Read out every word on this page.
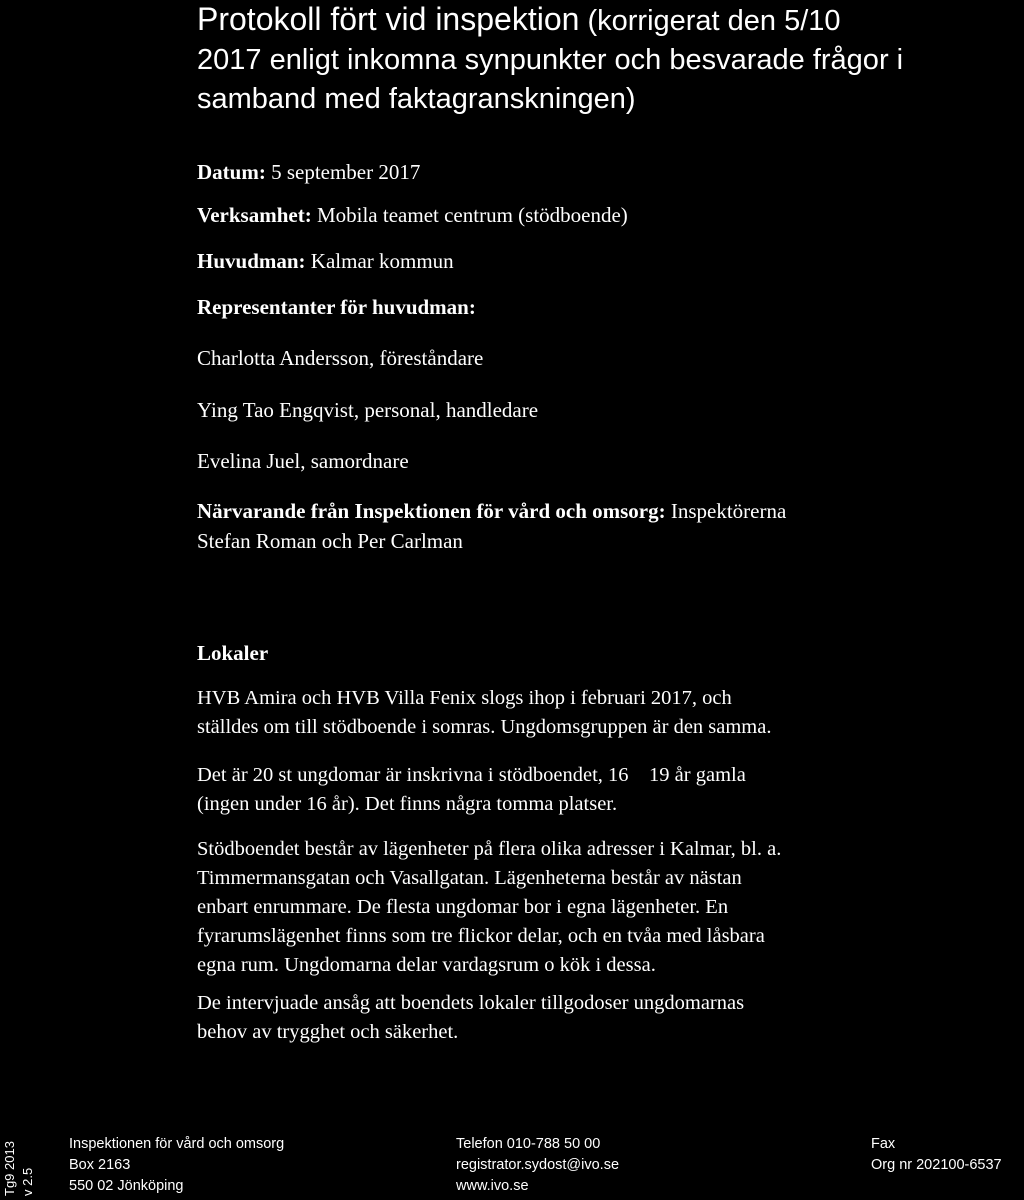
Protokoll fört vid inspektion (korrigerat den 5/10
2017 enligt inkomna synpunkter och besvarade frågor i
samband med faktagranskningen)

Datum: 5 september 2017

Verksamhet: Mobila teamet centrum (stödboende)

Huvudman: Kalmar kommun

Representanter för huvudman:

Charlotta Andersson, föreståndare

Ying Tao Engqvist, personal, handledare

Evelina Juel, samordnare

Närvarande från Inspektionen för vård och omsorg: Inspektörerna
Stefan Roman och Per Carlman

Lokaler

HVB Amira och HVB Villa Fenix slogs ihop i februari 2017, och
ställdes om till stödboende i somras. Ungdomsgruppen är den samma.

Det är 20 st ungdomar är inskrivna i stödboendet, 16    19 år gamla
(ingen under 16 år). Det finns några tomma platser.

Stödboendet består av lägenheter på flera olika adresser i Kalmar, bl. a.
Timmermansgatan och Vasallgatan. Lägenheterna består av nästan
enbart enrummare. De flesta ungdomar bor i egna lägenheter. En
fyrarumslägenhet finns som tre flickor delar, och en tvåa med låsbara
egna rum. Ungdomarna delar vardagsrum o kök i dessa.

De intervjuade ansåg att boendets lokaler tillgodoser ungdomarnas
behov av trygghet och säkerhet.

Tg9 2013 v 2.5
Inspektionen för vård och omsorg
Box 2163
550 02 Jönköping
Telefon 010-788 50 00
registrator.sydost@ivo.se
www.ivo.se
Fax
Org nr 202100-6537
